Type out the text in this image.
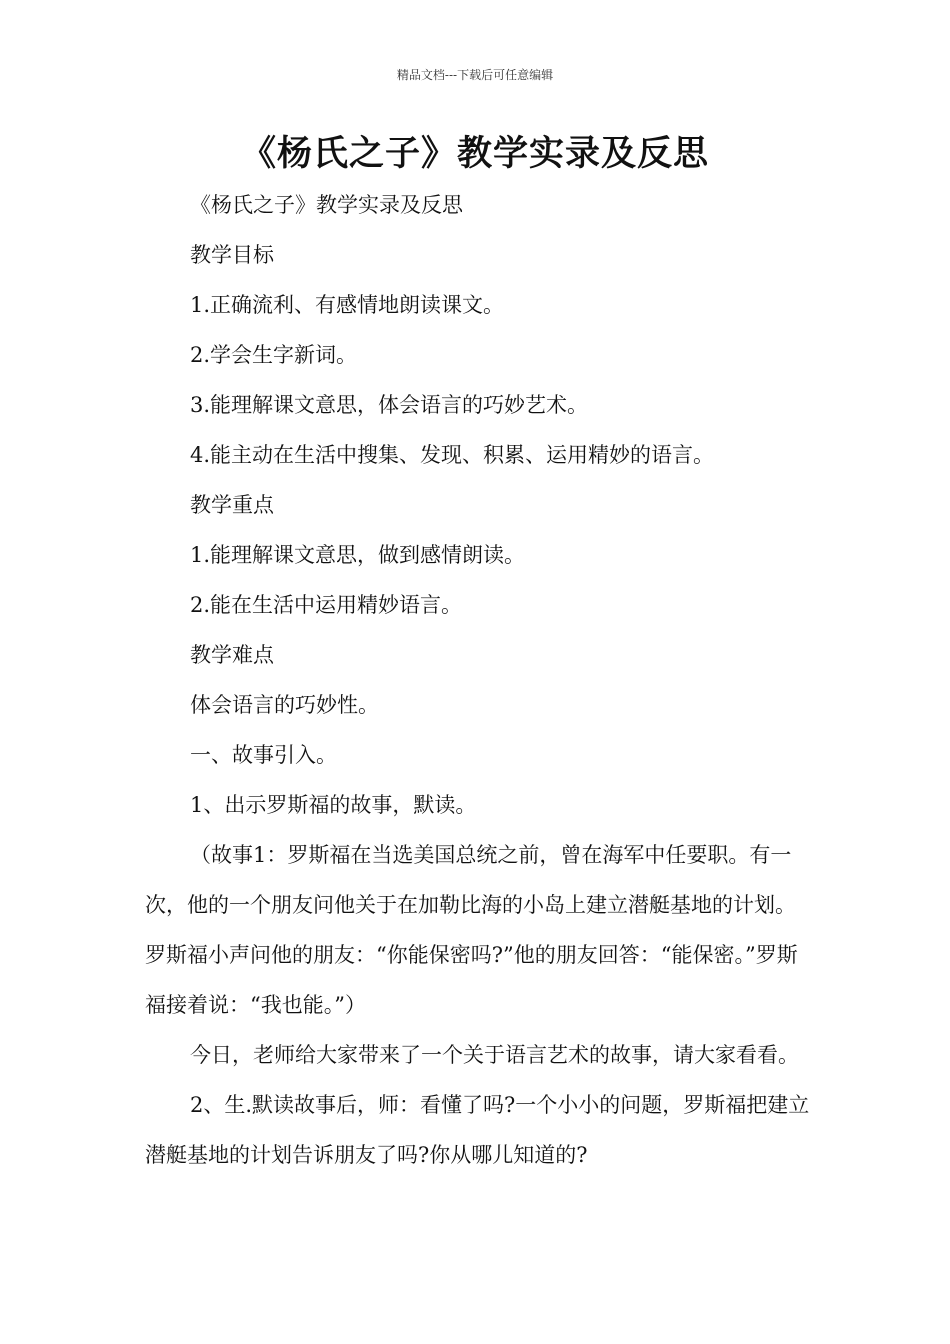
精品文档---下载后可任意编辑
《杨氏之子》教学实录及反思

《杨氏之子》教学实录及反思

教学目标

1.正确流利、有感情地朗读课文。

2.学会生字新词。

3.能理解课文意思，体会语言的巧妙艺术。

4.能主动在生活中搜集、发现、积累、运用精妙的语言。

教学重点

1.能理解课文意思，做到感情朗读。

2.能在生活中运用精妙语言。

教学难点

体会语言的巧妙性。

一、故事引入。

1、出示罗斯福的故事，默读。

（故事1：罗斯福在当选美国总统之前，曾在海军中任要职。有一次，他的一个朋友问他关于在加勒比海的小岛上建立潜艇基地的计划。罗斯福小声问他的朋友：“你能保密吗?”他的朋友回答：“能保密。”罗斯福接着说：“我也能。”）

今日，老师给大家带来了一个关于语言艺术的故事，请大家看看。

2、生.默读故事后，师：看懂了吗?一个小小的问题，罗斯福把建立潜艇基地的计划告诉朋友了吗?你从哪儿知道的?
